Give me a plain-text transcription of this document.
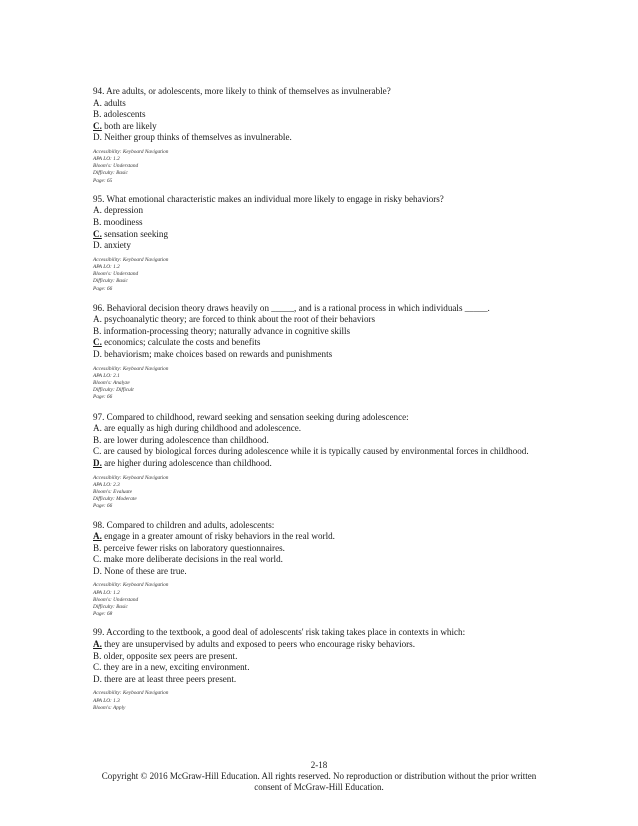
94. Are adults, or adolescents, more likely to think of themselves as invulnerable?
A. adults
B. adolescents
C. both are likely
D. Neither group thinks of themselves as invulnerable.
Accessibility: Keyboard Navigation
APA LO: 1.2
Bloom's: Understand
Difficulty: Basic
Page: 65
95. What emotional characteristic makes an individual more likely to engage in risky behaviors?
A. depression
B. moodiness
C. sensation seeking
D. anxiety
Accessibility: Keyboard Navigation
APA LO: 1.2
Bloom's: Understand
Difficulty: Basic
Page: 66
96. Behavioral decision theory draws heavily on _____, and is a rational process in which individuals _____.
A. psychoanalytic theory; are forced to think about the root of their behaviors
B. information-processing theory; naturally advance in cognitive skills
C. economics; calculate the costs and benefits
D. behaviorism; make choices based on rewards and punishments
Accessibility: Keyboard Navigation
APA LO: 2.1
Bloom's: Analyze
Difficulty: Difficult
Page: 66
97. Compared to childhood, reward seeking and sensation seeking during adolescence:
A. are equally as high during childhood and adolescence.
B. are lower during adolescence than childhood.
C. are caused by biological forces during adolescence while it is typically caused by environmental forces in childhood.
D. are higher during adolescence than childhood.
Accessibility: Keyboard Navigation
APA LO: 2.3
Bloom's: Evaluate
Difficulty: Moderate
Page: 66
98. Compared to children and adults, adolescents:
A. engage in a greater amount of risky behaviors in the real world.
B. perceive fewer risks on laboratory questionnaires.
C. make more deliberate decisions in the real world.
D. None of these are true.
Accessibility: Keyboard Navigation
APA LO: 1.2
Bloom's: Understand
Difficulty: Basic
Page: 68
99. According to the textbook, a good deal of adolescents' risk taking takes place in contexts in which:
A. they are unsupervised by adults and exposed to peers who encourage risky behaviors.
B. older, opposite sex peers are present.
C. they are in a new, exciting environment.
D. there are at least three peers present.
Accessibility: Keyboard Navigation
APA LO: 1.3
Bloom's: Apply
2-18
Copyright © 2016 McGraw-Hill Education. All rights reserved. No reproduction or distribution without the prior written consent of McGraw-Hill Education.
